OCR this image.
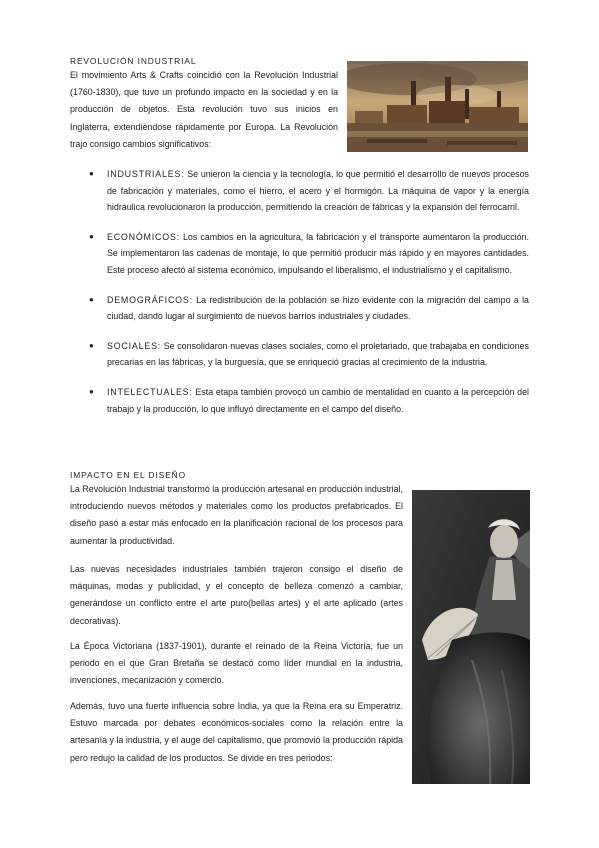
REVOLUCIÓN INDUSTRIAL

El movimiento Arts & Crafts coincidió con la Revolución Industrial (1760-1830), que tuvo un profundo impacto en la sociedad y en la producción de objetos. Esta revolución tuvo sus inicios en Inglaterra, extendiéndose rápidamente por Europa. La Revolución trajo consigo cambios significativos:

● INDUSTRIALES: Se unieron la ciencia y la tecnología, lo que permitió el desarrollo de nuevos procesos de fabricación y materiales, como el hierro, el acero y el hormigón. La máquina de vapor y la energía hidráulica revolucionaron la producción, permitiendo la creación de fábricas y la expansión del ferrocarril.
● ECONÓMICOS: Los cambios en la agricultura, la fabricación y el transporte aumentaron la producción. Se implementaron las cadenas de montaje, lo que permitió producir más rápido y en mayores cantidades. Este proceso afectó al sistema económico, impulsando el liberalismo, el industrialismo y el capitalismo.
● DEMOGRÁFICOS: La redistribución de la población se hizo evidente con la migración del campo a la ciudad, dando lugar al surgimiento de nuevos barrios industriales y ciudades.
● SOCIALES: Se consolidaron nuevas clases sociales, como el proletariado, que trabajaba en condiciones precarias en las fábricas, y la burguesía, que se enriqueció gracias al crecimiento de la industria.
● INTELECTUALES: Esta etapa también provocó un cambio de mentalidad en cuanto a la percepción del trabajo y la producción, lo que influyó directamente en el campo del diseño.
IMPACTO EN EL DISEÑO

La Revolución Industrial transformó la producción artesanal en producción industrial, introduciendo nuevos métodos y materiales como los productos prefabricados. El diseño pasó a estar más enfocado en la planificación racional de los procesos para aumentar la productividad.

Las nuevas necesidades industriales también trajeron consigo el diseño de máquinas, modas y publicidad, y el concepto de belleza comenzó a cambiar, generándose un conflicto entre el arte puro(bellas artes) y el arte aplicado (artes decorativas).

La Época Victoriana (1837-1901), durante el reinado de la Reina Victoria, fue un periodo en el que Gran Bretaña se destacó como líder mundial en la industria, invenciones, mecanización y comercio.

Además, tuvo una fuerte influencia sobre India, ya que la Reina era su Emperatriz. Estuvo marcada por debates económicos-sociales como la relación entre la artesanía y la industria, y el auge del capitalismo, que promovió la producción rápida pero redujo la calidad de los productos. Se divide en tres periodos:
